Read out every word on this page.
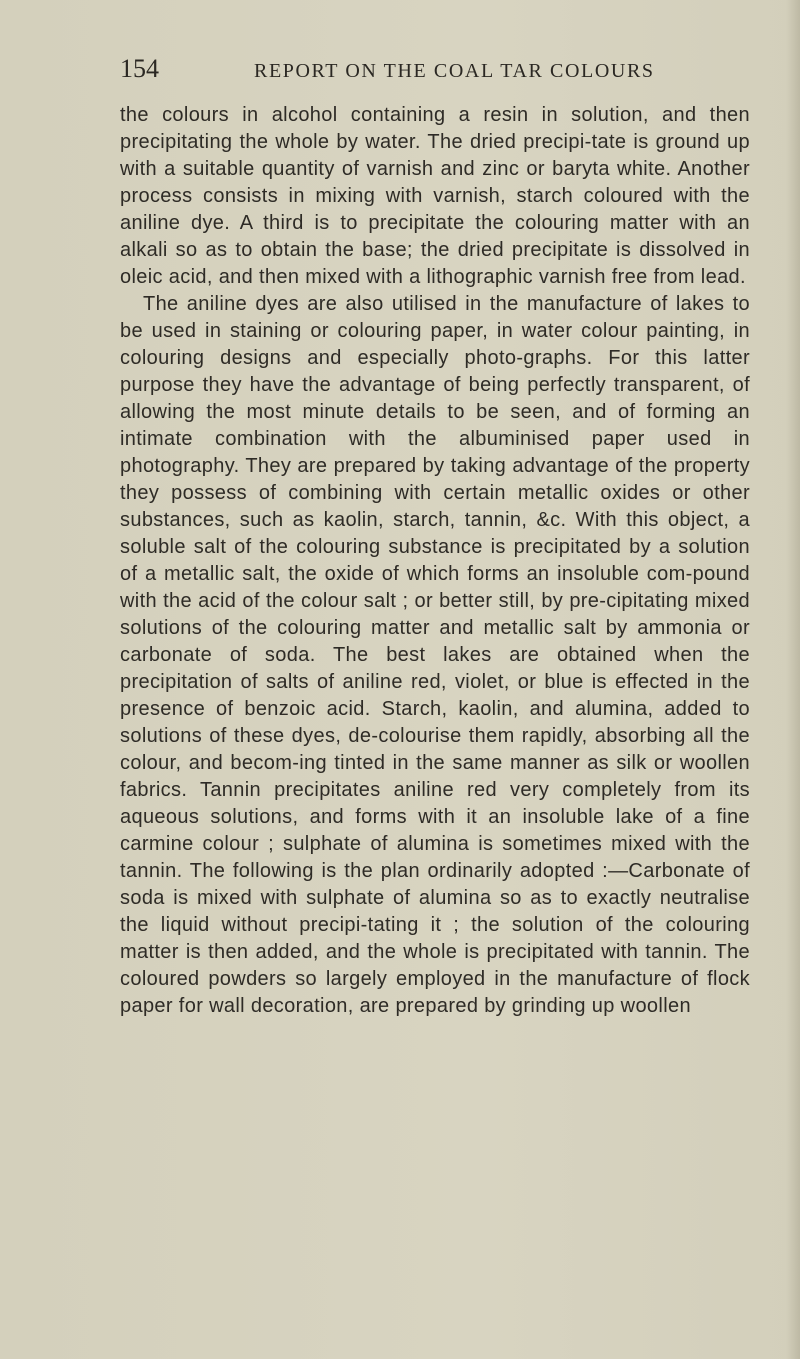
154	REPORT ON THE COAL TAR COLOURS

the colours in alcohol containing a resin in solution, and then precipitating the whole by water. The dried precipi-tate is ground up with a suitable quantity of varnish and zinc or baryta white. Another process consists in mixing with varnish, starch coloured with the aniline dye. A third is to precipitate the colouring matter with an alkali so as to obtain the base; the dried precipitate is dissolved in oleic acid, and then mixed with a lithographic varnish free from lead.

The aniline dyes are also utilised in the manufacture of lakes to be used in staining or colouring paper, in water colour painting, in colouring designs and especially photo-graphs. For this latter purpose they have the advantage of being perfectly transparent, of allowing the most minute details to be seen, and of forming an intimate combination with the albuminised paper used in photography. They are prepared by taking advantage of the property they possess of combining with certain metallic oxides or other substances, such as kaolin, starch, tannin, &c. With this object, a soluble salt of the colouring substance is precipitated by a solution of a metallic salt, the oxide of which forms an insoluble com-pound with the acid of the colour salt ; or better still, by pre-cipitating mixed solutions of the colouring matter and metallic salt by ammonia or carbonate of soda. The best lakes are obtained when the precipitation of salts of aniline red, violet, or blue is effected in the presence of benzoic acid. Starch, kaolin, and alumina, added to solutions of these dyes, de-colourise them rapidly, absorbing all the colour, and becom-ing tinted in the same manner as silk or woollen fabrics. Tannin precipitates aniline red very completely from its aqueous solutions, and forms with it an insoluble lake of a fine carmine colour ; sulphate of alumina is sometimes mixed with the tannin. The following is the plan ordinarily adopted :—Carbonate of soda is mixed with sulphate of alumina so as to exactly neutralise the liquid without precipi-tating it ; the solution of the colouring matter is then added, and the whole is precipitated with tannin. The coloured powders so largely employed in the manufacture of flock paper for wall decoration, are prepared by grinding up woollen
